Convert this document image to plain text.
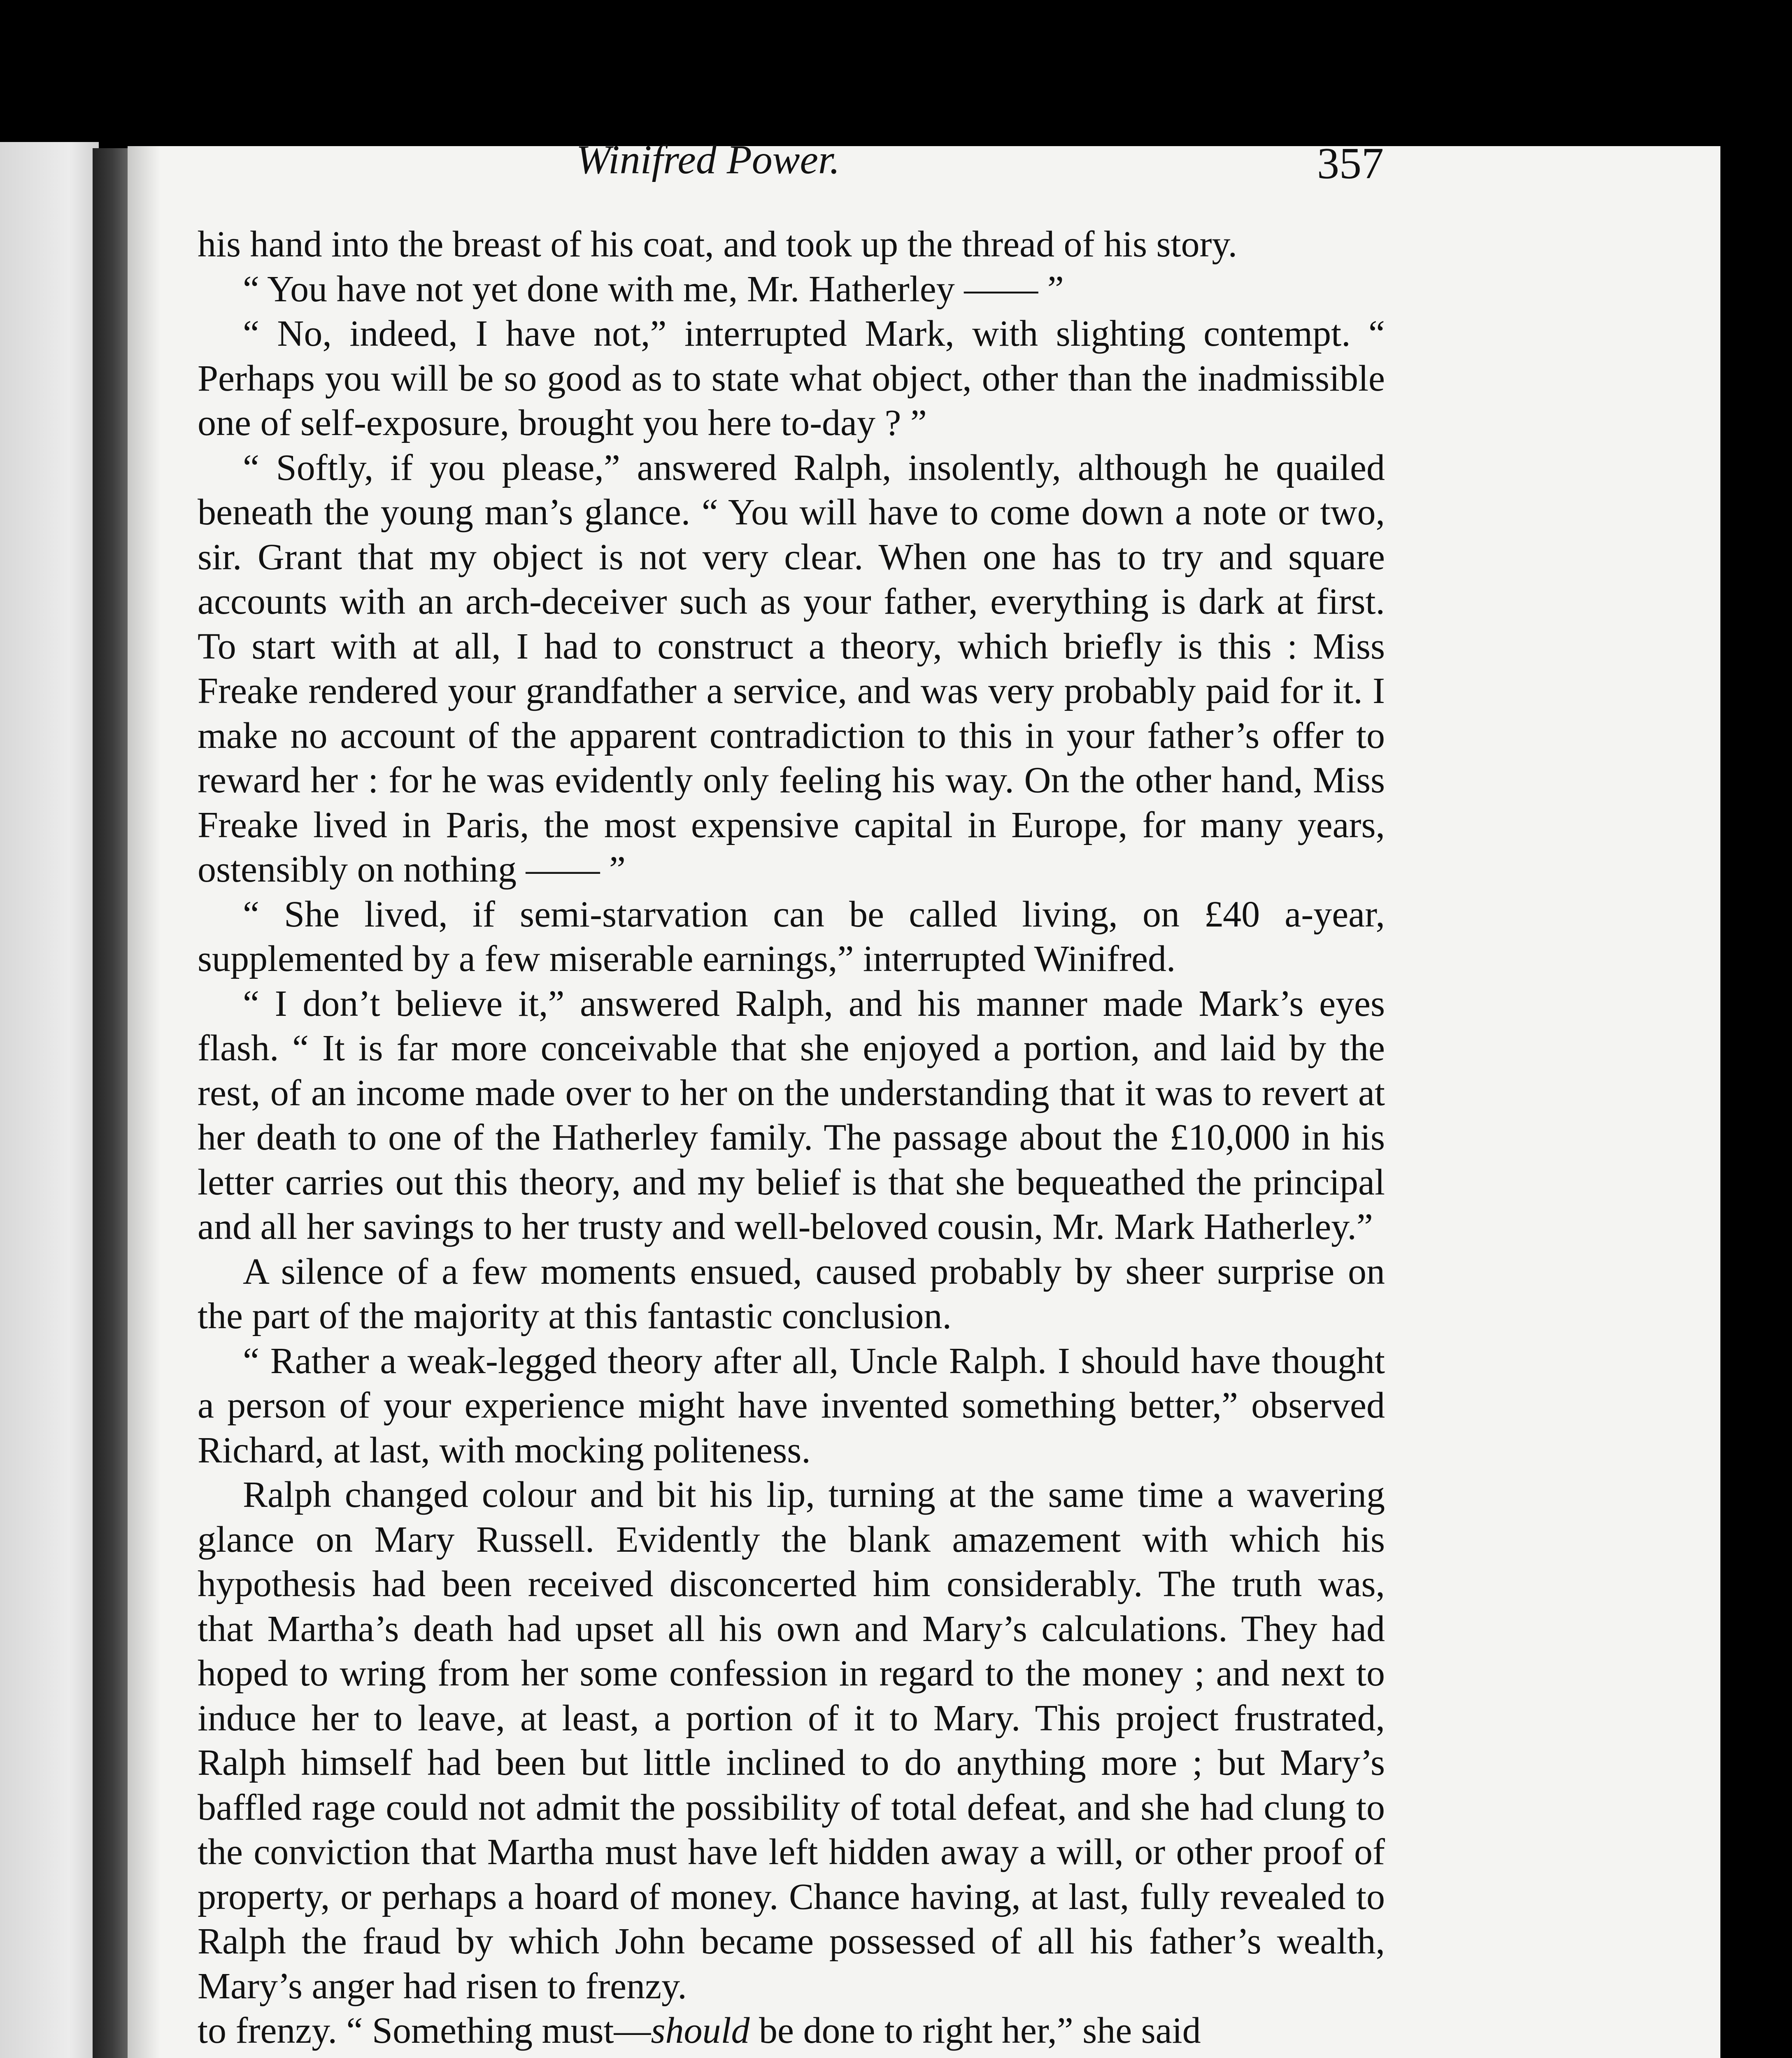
Winifred Power.	357

his hand into the breast of his coat, and took up the thread of his story.

“ You have not yet done with me, Mr. Hatherley —— ”

“ No, indeed, I have not,” interrupted Mark, with slighting contempt. “ Perhaps you will be so good as to state what object, other than the inadmissible one of self-exposure, brought you here to-day ? ”

“ Softly, if you please,” answered Ralph, insolently, although he quailed beneath the young man’s glance. “ You will have to come down a note or two, sir. Grant that my object is not very clear. When one has to try and square accounts with an arch-deceiver such as your father, everything is dark at first. To start with at all, I had to construct a theory, which briefly is this : Miss Freake rendered your grandfather a service, and was very probably paid for it. I make no account of the apparent contradiction to this in your father’s offer to reward her : for he was evidently only feeling his way. On the other hand, Miss Freake lived in Paris, the most expensive capital in Europe, for many years, ostensibly on nothing —— ”

“ She lived, if semi-starvation can be called living, on £40 a-year, supplemented by a few miserable earnings,” interrupted Winifred.

“ I don’t believe it,” answered Ralph, and his manner made Mark’s eyes flash. “ It is far more conceivable that she enjoyed a portion, and laid by the rest, of an income made over to her on the understanding that it was to revert at her death to one of the Hatherley family. The passage about the £10,000 in his letter carries out this theory, and my belief is that she bequeathed the principal and all her savings to her trusty and well-beloved cousin, Mr. Mark Hatherley.”

A silence of a few moments ensued, caused probably by sheer surprise on the part of the majority at this fantastic conclusion.

“ Rather a weak-legged theory after all, Uncle Ralph. I should have thought a person of your experience might have invented something better,” observed Richard, at last, with mocking politeness.

Ralph changed colour and bit his lip, turning at the same time a wavering glance on Mary Russell. Evidently the blank amazement with which his hypothesis had been received disconcerted him considerably. The truth was, that Martha’s death had upset all his own and Mary’s calculations. They had hoped to wring from her some confession in regard to the money ; and next to induce her to leave, at least, a portion of it to Mary. This project frustrated, Ralph himself had been but little inclined to do anything more ; but Mary’s baffled rage could not admit the possibility of total defeat, and she had clung to the conviction that Martha must have left hidden away a will, or other proof of property, or perhaps a hoard of money. Chance having, at last, fully revealed to Ralph the fraud by which John became possessed of all his father’s wealth, Mary’s anger had risen to frenzy.
to frenzy. “ Something must—should be done to right her,” she said
